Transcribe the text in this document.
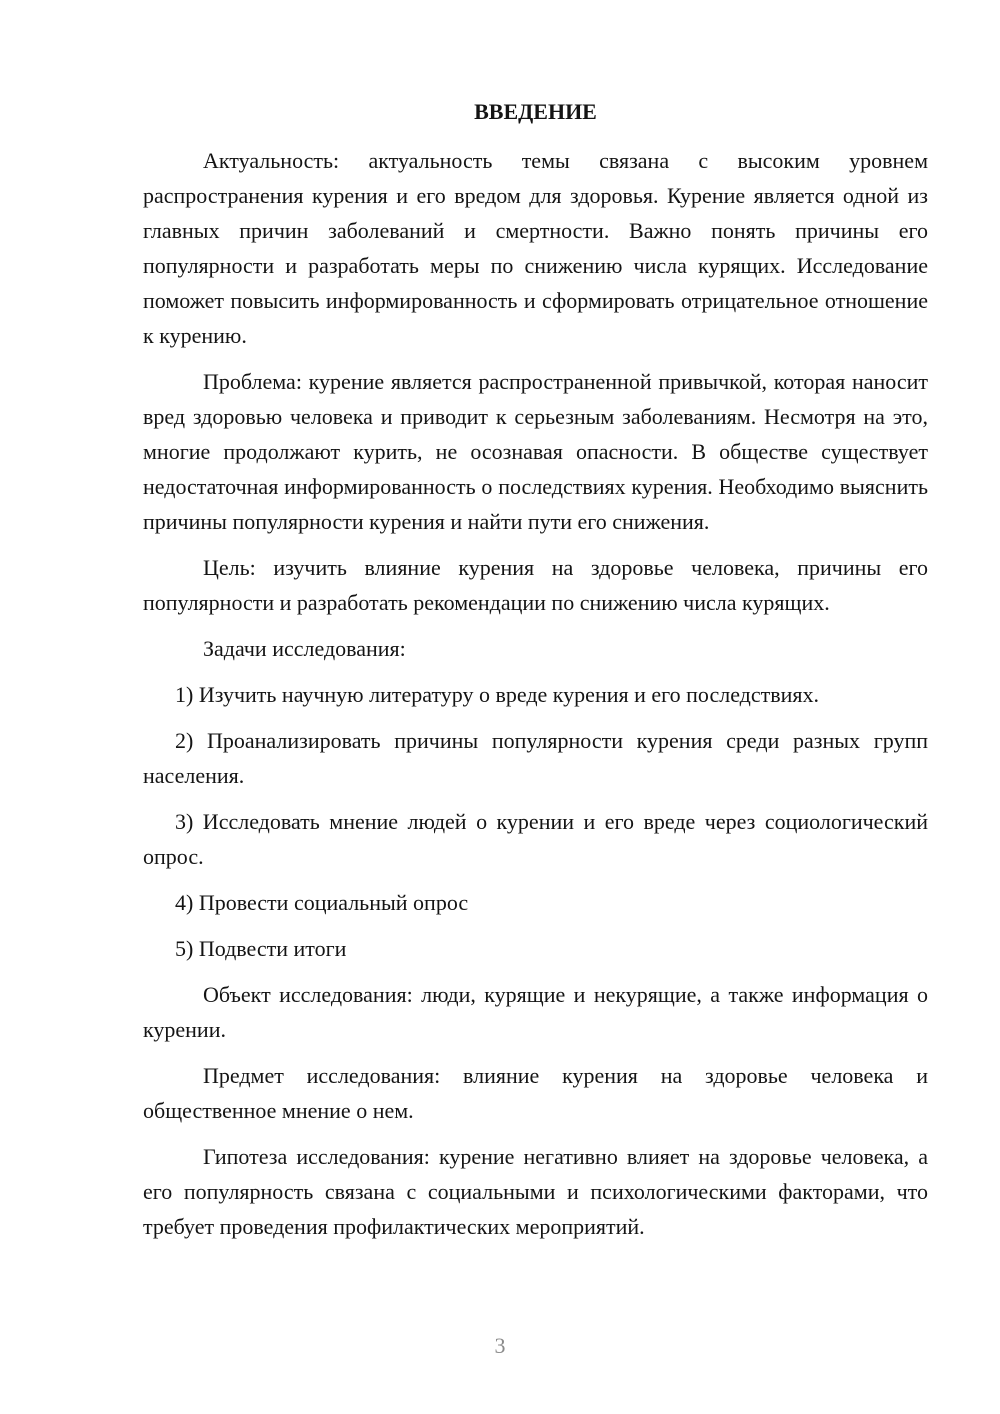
ВВЕДЕНИЕ

Актуальность: актуальность темы связана с высоким уровнем распространения курения и его вредом для здоровья. Курение является одной из главных причин заболеваний и смертности. Важно понять причины его популярности и разработать меры по снижению числа курящих. Исследование поможет повысить информированность и сформировать отрицательное отношение к курению.

Проблема: курение является распространенной привычкой, которая наносит вред здоровью человека и приводит к серьезным заболеваниям. Несмотря на это, многие продолжают курить, не осознавая опасности. В обществе существует недостаточная информированность о последствиях курения. Необходимо выяснить причины популярности курения и найти пути его снижения.

Цель: изучить влияние курения на здоровье человека, причины его популярности и разработать рекомендации по снижению числа курящих.

Задачи исследования:

1) Изучить научную литературу о вреде курения и его последствиях.

2) Проанализировать причины популярности курения среди разных групп населения.

3) Исследовать мнение людей о курении и его вреде через социологический опрос.

4) Провести социальный опрос

5) Подвести итоги

Объект исследования: люди, курящие и некурящие, а также информация о курении.

Предмет исследования: влияние курения на здоровье человека и общественное мнение о нем.

Гипотеза исследования: курение негативно влияет на здоровье человека, а его популярность связана с социальными и психологическими факторами, что требует проведения профилактических мероприятий.

3
